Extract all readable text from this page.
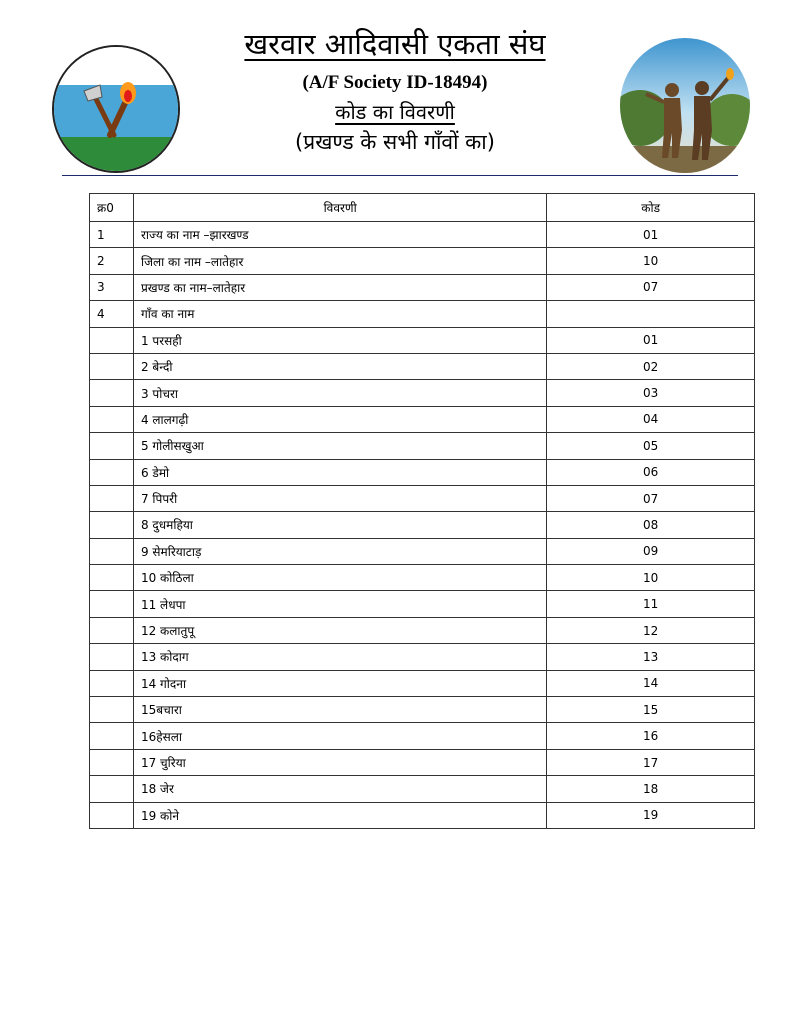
खरवार आदिवासी एकता संघ
(A/F Society ID-18494)
कोड का विवरणी
(प्रखण्ड के सभी गाँवों का)
क्र0	विवरणी	कोड
1	राज्य का नाम –झारखण्ड	01
2	जिला का नाम –लातेहार	10
3	प्रखण्ड का नाम–लातेहार	07
4	गाँव का नाम	
	1 परसही	01
	2 बेन्दी	02
	3 पोचरा	03
	4 लालगढ़ी	04
	5 गोलीसखुआ	05
	6 डेमो	06
	7 पिपरी	07
	8 दुधमहिया	08
	9 सेमरियाटाड़	09
	10 कोठिला	10
	11 लेधपा	11
	12 कलातुपू	12
	13 कोदाग	13
	14 गोदना	14
	15बचारा	15
	16हेसला	16
	17 चुरिया	17
	18 जेर	18
	19 कोने	19
